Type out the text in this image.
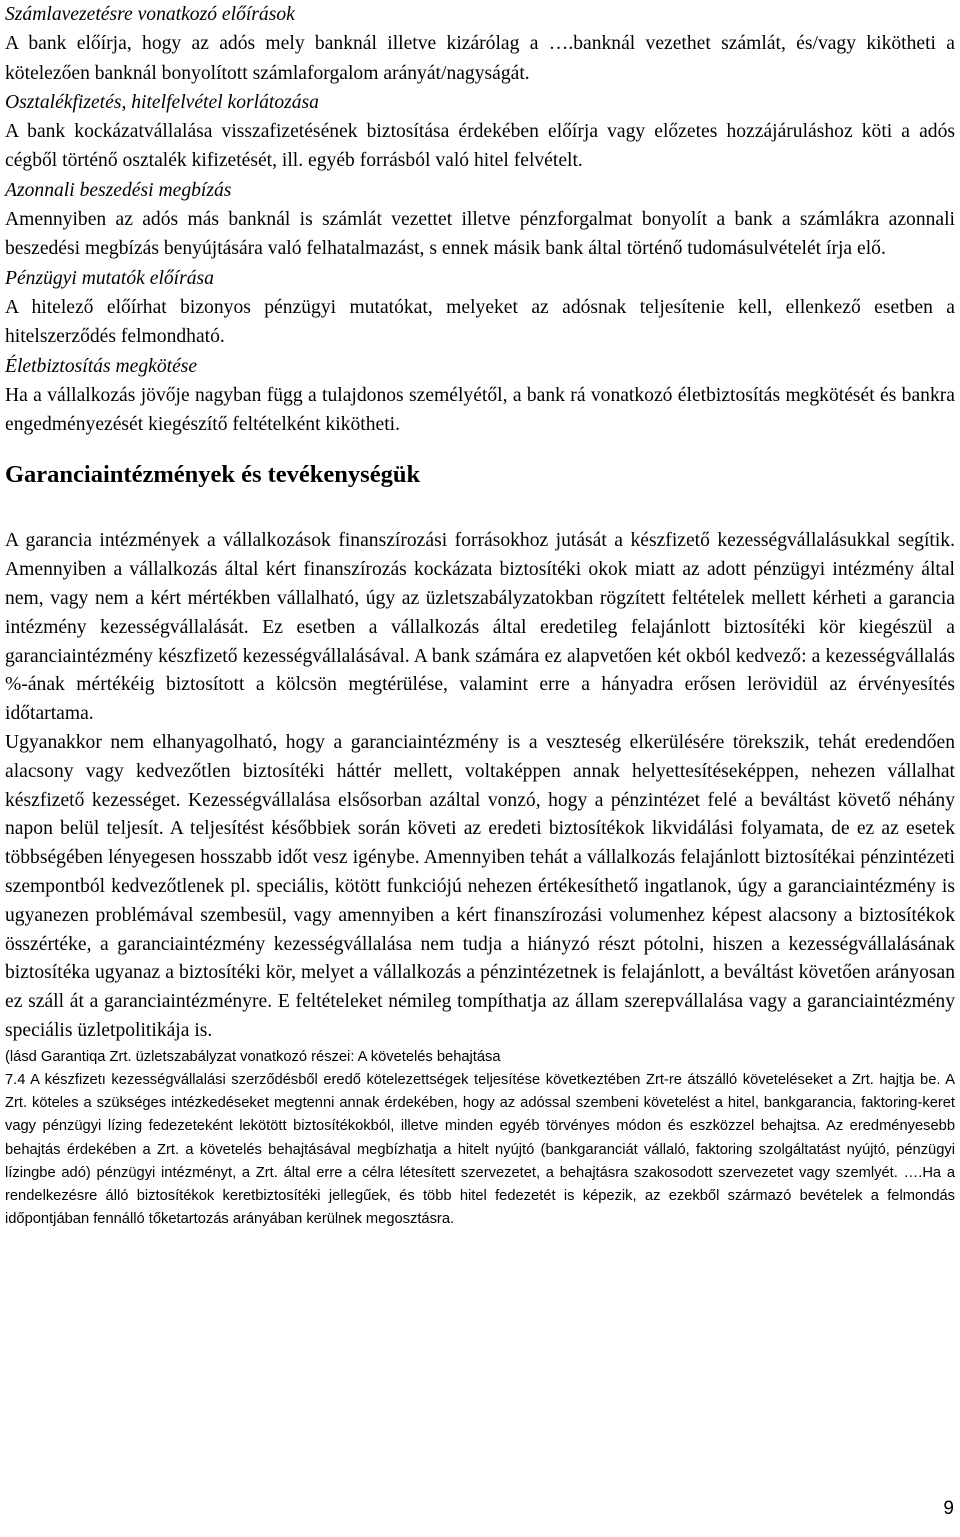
Számlavezetésre vonatkozó előírások

A bank előírja, hogy az adós mely banknál illetve kizárólag a ….banknál vezethet számlát, és/vagy kikötheti a kötelezően banknál bonyolított számlaforgalom arányát/nagyságát.

Osztalékfizetés, hitelfelvétel korlátozása

A bank kockázatvállalása visszafizetésének biztosítása érdekében előírja vagy előzetes hozzájáruláshoz köti a adós cégből történő osztalék kifizetését, ill. egyéb forrásból való hitel felvételt.

Azonnali beszedési megbízás

Amennyiben az adós más banknál is számlát vezettet illetve pénzforgalmat bonyolít a bank a számlákra azonnali beszedési megbízás benyújtására való felhatalmazást, s ennek másik bank által történő tudomásulvételét írja elő.

Pénzügyi mutatók előírása

A hitelező előírhat bizonyos pénzügyi mutatókat, melyeket az adósnak teljesítenie kell, ellenkező esetben a hitelszerződés felmondható.

Életbiztosítás megkötése

Ha a vállalkozás jövője nagyban függ a tulajdonos személyétől, a bank rá vonatkozó életbiztosítás megkötését és bankra engedményezését kiegészítő feltételként kikötheti.

Garanciaintézmények és tevékenységük

A garancia intézmények a vállalkozások finanszírozási forrásokhoz jutását a készfizető kezességvállalásukkal segítik. Amennyiben a vállalkozás által kért finanszírozás kockázata biztosítéki okok miatt az adott pénzügyi intézmény által nem, vagy nem a kért mértékben vállalható, úgy az üzletszabályzatokban rögzített feltételek mellett kérheti a garancia intézmény kezességvállalását. Ez esetben a vállalkozás által eredetileg felajánlott biztosítéki kör kiegészül a garanciaintézmény készfizető kezességvállalásával. A bank számára ez alapvetően két okból kedvező: a kezességvállalás %-ának mértékéig biztosított a kölcsön megtérülése, valamint erre a hányadra erősen lerövidül az érvényesítés időtartama.

Ugyanakkor nem elhanyagolható, hogy a garanciaintézmény is a veszteség elkerülésére törekszik, tehát eredendően alacsony vagy kedvezőtlen biztosítéki háttér mellett, voltaképpen annak helyettesítéseképpen, nehezen vállalhat készfizető kezességet. Kezességvállalása elsősorban azáltal vonzó, hogy a pénzintézet felé a beváltást követő néhány napon belül teljesít. A teljesítést későbbiek során követi az eredeti biztosítékok likvidálási folyamata, de ez az esetek többségében lényegesen hosszabb időt vesz igénybe. Amennyiben tehát a vállalkozás felajánlott biztosítékai pénzintézeti szempontból kedvezőtlenek pl. speciális, kötött funkciójú nehezen értékesíthető ingatlanok, úgy a garanciaintézmény is ugyanezen problémával szembesül, vagy amennyiben a kért finanszírozási volumenhez képest alacsony a biztosítékok összértéke, a garanciaintézmény kezességvállalása nem tudja a hiányzó részt pótolni, hiszen a kezességvállalásának biztosítéka ugyanaz a biztosítéki kör, melyet a vállalkozás a pénzintézetnek is felajánlott, a beváltást követően arányosan ez száll át a garanciaintézményre. E feltételeket némileg tompíthatja az állam szerepvállalása vagy a garanciaintézmény speciális üzletpolitikája is.

(lásd Garantiqa Zrt. üzletszabályzat vonatkozó részei: A követelés behajtása

7.4 A készfizetı kezességvállalási szerződésből eredő kötelezettségek teljesítése következtében Zrt-re átszálló követeléseket a Zrt. hajtja be. A Zrt. köteles a szükséges intézkedéseket megtenni annak érdekében, hogy az adóssal szembeni követelést a hitel, bankgarancia, faktoring-keret vagy pénzügyi lízing fedezeteként lekötött biztosítékokból, illetve minden egyéb törvényes módon és eszközzel behajtsa. Az eredményesebb behajtás érdekében a Zrt. a követelés behajtásával megbízhatja a hitelt nyújtó (bankgaranciát vállaló, faktoring szolgáltatást nyújtó, pénzügyi lízingbe adó) pénzügyi intézményt, a Zrt. által erre a célra létesített szervezetet, a behajtásra szakosodott szervezetet vagy szemlyét. ….Ha a rendelkezésre álló biztosítékok keretbiztosítéki jellegűek, és több hitel fedezetét is képezik, az ezekből származó bevételek a felmondás időpontjában fennálló tőketartozás arányában kerülnek megosztásra.

9
